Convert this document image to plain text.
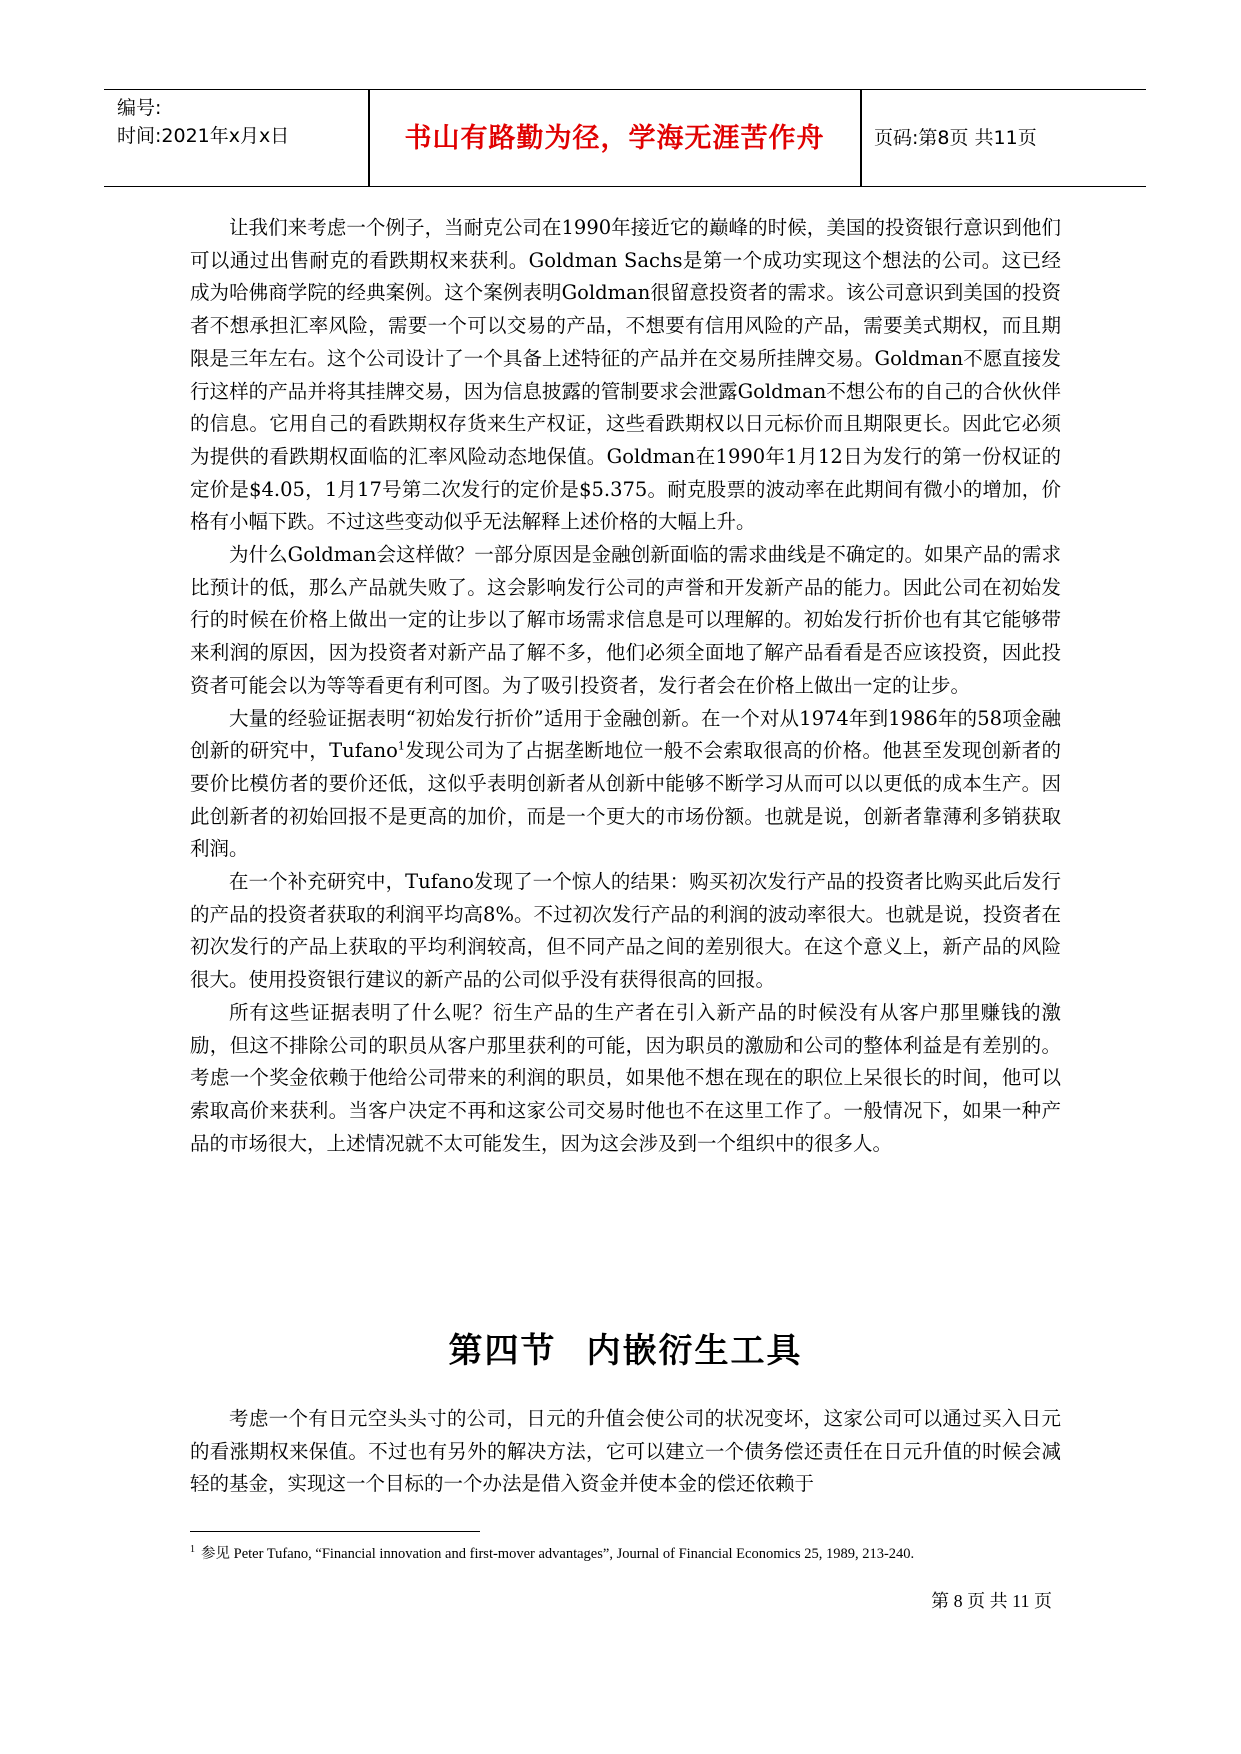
编号:
时间:2021年x月x日	书山有路勤为径，学海无涯苦作舟	页码:第8页 共11页

让我们来考虑一个例子，当耐克公司在1990年接近它的巅峰的时候，美国的投资银行意识到他们可以通过出售耐克的看跌期权来获利。Goldman Sachs是第一个成功实现这个想法的公司。这已经成为哈佛商学院的经典案例。这个案例表明Goldman很留意投资者的需求。该公司意识到美国的投资者不想承担汇率风险，需要一个可以交易的产品，不想要有信用风险的产品，需要美式期权，而且期限是三年左右。这个公司设计了一个具备上述特征的产品并在交易所挂牌交易。Goldman不愿直接发行这样的产品并将其挂牌交易，因为信息披露的管制要求会泄露Goldman不想公布的自己的合伙伙伴的信息。它用自己的看跌期权存货来生产权证，这些看跌期权以日元标价而且期限更长。因此它必须为提供的看跌期权面临的汇率风险动态地保值。Goldman在1990年1月12日为发行的第一份权证的定价是$4.05，1月17号第二次发行的定价是$5.375。耐克股票的波动率在此期间有微小的增加，价格有小幅下跌。不过这些变动似乎无法解释上述价格的大幅上升。

为什么Goldman会这样做？一部分原因是金融创新面临的需求曲线是不确定的。如果产品的需求比预计的低，那么产品就失败了。这会影响发行公司的声誉和开发新产品的能力。因此公司在初始发行的时候在价格上做出一定的让步以了解市场需求信息是可以理解的。初始发行折价也有其它能够带来利润的原因，因为投资者对新产品了解不多，他们必须全面地了解产品看看是否应该投资，因此投资者可能会以为等等看更有利可图。为了吸引投资者，发行者会在价格上做出一定的让步。

大量的经验证据表明“初始发行折价”适用于金融创新。在一个对从1974年到1986年的58项金融创新的研究中，Tufano$^1$发现公司为了占据垄断地位一般不会索取很高的价格。他甚至发现创新者的要价比模仿者的要价还低，这似乎表明创新者从创新中能够不断学习从而可以以更低的成本生产。因此创新者的初始回报不是更高的加价，而是一个更大的市场份额。也就是说，创新者靠薄利多销获取利润。

在一个补充研究中，Tufano发现了一个惊人的结果：购买初次发行产品的投资者比购买此后发行的产品的投资者获取的利润平均高8%。不过初次发行产品的利润的波动率很大。也就是说，投资者在初次发行的产品上获取的平均利润较高，但不同产品之间的差别很大。在这个意义上，新产品的风险很大。使用投资银行建议的新产品的公司似乎没有获得很高的回报。

所有这些证据表明了什么呢？衍生产品的生产者在引入新产品的时候没有从客户那里赚钱的激励，但这不排除公司的职员从客户那里获利的可能，因为职员的激励和公司的整体利益是有差别的。考虑一个奖金依赖于他给公司带来的利润的职员，如果他不想在现在的职位上呆很长的时间，他可以索取高价来获利。当客户决定不再和这家公司交易时他也不在这里工作了。一般情况下，如果一种产品的市场很大，上述情况就不太可能发生，因为这会涉及到一个组织中的很多人。

第四节 内嵌衍生工具

考虑一个有日元空头头寸的公司，日元的升值会使公司的状况变坏，这家公司可以通过买入日元的看涨期权来保值。不过也有另外的解决方法，它可以建立一个债务偿还责任在日元升值的时候会减轻的基金，实现这一个目标的一个办法是借入资金并使本金的偿还依赖于

$^1$ 参见 Peter Tufano, “Financial innovation and first-mover advantages”, Journal of Financial Economics 25, 1989, 213-240.
第 8 页 共 11 页
